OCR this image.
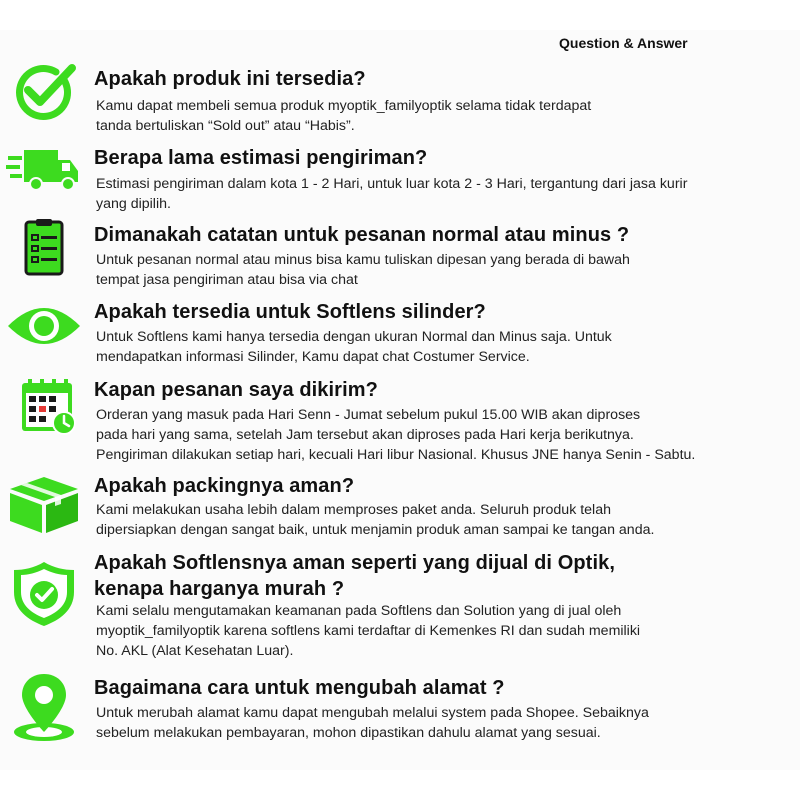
Question & Answer
Apakah produk ini tersedia?

Kamu dapat membeli semua produk myoptik_familyoptik selama tidak terdapat
tanda bertuliskan “Sold out” atau “Habis”.

Berapa lama estimasi pengiriman?

Estimasi pengiriman dalam kota 1 - 2 Hari, untuk luar kota 2 - 3 Hari, tergantung dari jasa kurir
yang dipilih.

Dimanakah catatan untuk pesanan normal atau minus ?

Untuk pesanan normal atau minus bisa kamu tuliskan dipesan yang berada di bawah
tempat jasa pengiriman atau bisa via chat

Apakah tersedia untuk Softlens silinder?

Untuk Softlens kami hanya tersedia dengan ukuran Normal dan Minus saja. Untuk
mendapatkan informasi Silinder, Kamu dapat chat Costumer Service.

Kapan pesanan saya dikirim?

Orderan yang masuk pada Hari Senn - Jumat sebelum pukul 15.00 WIB akan diproses
pada hari yang sama, setelah Jam tersebut akan diproses pada Hari kerja berikutnya.
Pengiriman dilakukan setiap hari, kecuali Hari libur Nasional. Khusus JNE hanya Senin - Sabtu.

Apakah packingnya aman?

Kami melakukan usaha lebih dalam memproses paket anda. Seluruh produk telah
dipersiapkan dengan sangat baik, untuk menjamin produk aman sampai ke tangan anda.

Apakah Softlensnya aman seperti yang dijual di Optik,
kenapa harganya murah ?

Kami selalu mengutamakan keamanan pada Softlens dan Solution yang di jual oleh
myoptik_familyoptik karena softlens kami terdaftar di Kemenkes RI dan sudah memiliki
No. AKL (Alat Kesehatan Luar).

Bagaimana cara untuk mengubah alamat ?

Untuk merubah alamat kamu dapat mengubah melalui system pada Shopee. Sebaiknya
sebelum melakukan pembayaran, mohon dipastikan dahulu alamat yang sesuai.
